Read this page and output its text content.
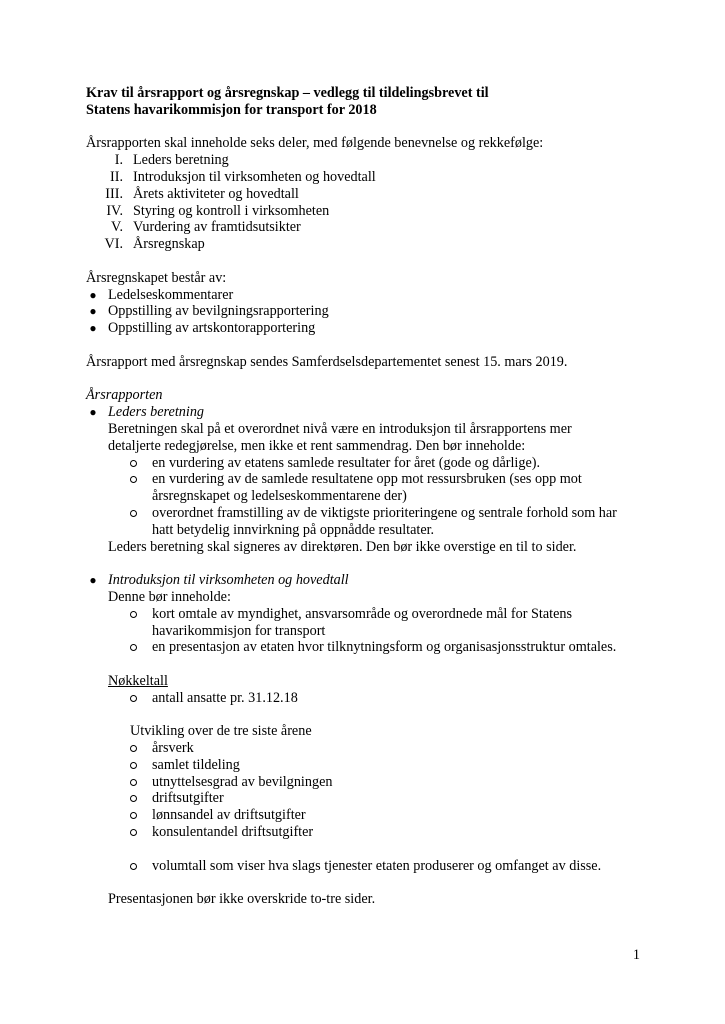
Krav til årsrapport og årsregnskap – vedlegg til tildelingsbrevet til
Statens havarikommisjon for transport for 2018

Årsrapporten skal inneholde seks deler, med følgende benevnelse og rekkefølge:

I. Leders beretning
II. Introduksjon til virksomheten og hovedtall
III. Årets aktiviteter og hovedtall
IV. Styring og kontroll i virksomheten
V. Vurdering av framtidsutsikter
VI. Årsregnskap

Årsregnskapet består av:

● Ledelseskommentarer
● Oppstilling av bevilgningsrapportering
● Oppstilling av artskontorapportering

Årsrapport med årsregnskap sendes Samferdselsdepartementet senest 15. mars 2019.

Årsrapporten

● Leders beretning
Beretningen skal på et overordnet nivå være en introduksjon til årsrapportens mer
detaljerte redegjørelse, men ikke et rent sammendrag. Den bør inneholde:
en vurdering av etatens samlede resultater for året (gode og dårlige).
en vurdering av de samlede resultatene opp mot ressursbruken (ses opp mot
årsregnskapet og ledelseskommentarene der)
overordnet framstilling av de viktigste prioriteringene og sentrale forhold som har
hatt betydelig innvirkning på oppnådde resultater.
Leders beretning skal signeres av direktøren. Den bør ikke overstige en til to sider.
● Introduksjon til virksomheten og hovedtall
Denne bør inneholde:
kort omtale av myndighet, ansvarsområde og overordnede mål for Statens
havarikommisjon for transport
en presentasjon av etaten hvor tilknytningsform og organisasjonsstruktur omtales.
Nøkkeltall
antall ansatte pr. 31.12.18
Utvikling over de tre siste årene
årsverk
samlet tildeling
utnyttelsesgrad av bevilgningen
driftsutgifter
lønnsandel av driftsutgifter
konsulentandel driftsutgifter
volumtall som viser hva slags tjenester etaten produserer og omfanget av disse.
Presentasjonen bør ikke overskride to-tre sider.
1
